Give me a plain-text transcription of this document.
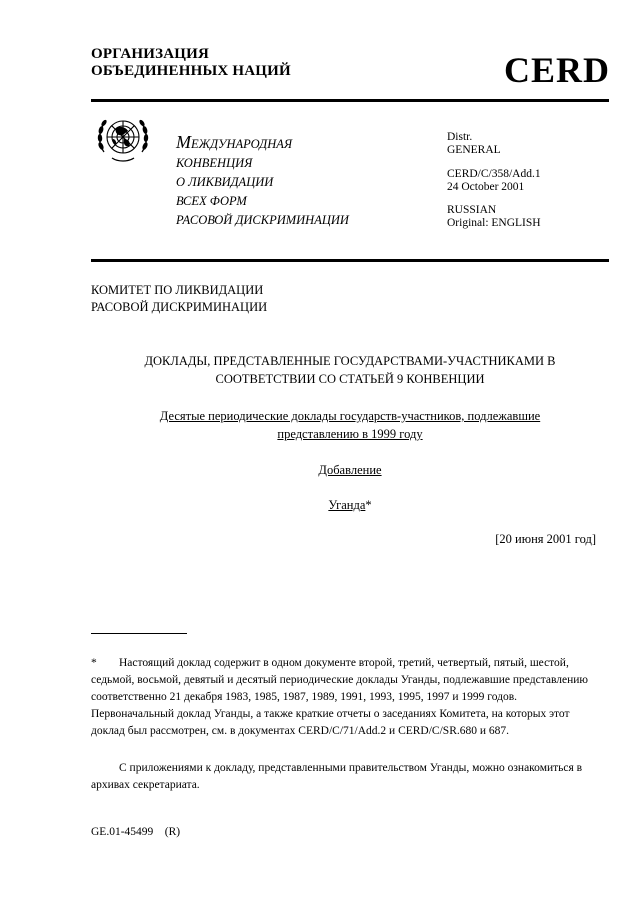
ОРГАНИЗАЦИЯ
ОБЪЕДИНЕННЫХ НАЦИЙ	CERD
МЕЖДУНАРОДНАЯ
КОНВЕНЦИЯ
О ЛИКВИДАЦИИ
ВСЕХ ФОРМ
РАСОВОЙ ДИСКРИМИНАЦИИ
Distr.
GENERAL
CERD/C/358/Add.1
24 October 2001
RUSSIAN
Original: ENGLISH
КОМИТЕТ ПО ЛИКВИДАЦИИ
РАСОВОЙ ДИСКРИМИНАЦИИ
ДОКЛАДЫ, ПРЕДСТАВЛЕННЫЕ ГОСУДАРСТВАМИ-УЧАСТНИКАМИ В
СООТВЕТСТВИИ СО СТАТЬЕЙ 9 КОНВЕНЦИИ
Десятые периодические доклады государств-участников, подлежавшие
представлению в 1999 году
Добавление
Уганда*
[20 июня 2001 год]
* Настоящий доклад содержит в одном документе второй, третий, четвертый, пятый, шестой, седьмой, восьмой, девятый и десятый периодические доклады Уганды, подлежавшие представлению соответственно 21 декабря 1983, 1985, 1987, 1989, 1991, 1993, 1995, 1997 и 1999 годов. Первоначальный доклад Уганды, а также краткие отчеты о заседаниях Комитета, на которых этот доклад был рассмотрен, см. в документах CERD/C/71/Add.2 и CERD/C/SR.680 и 687.
С приложениями к докладу, представленными правительством Уганды, можно ознакомиться в архивах секретариата.
GE.01-45499    (R)
